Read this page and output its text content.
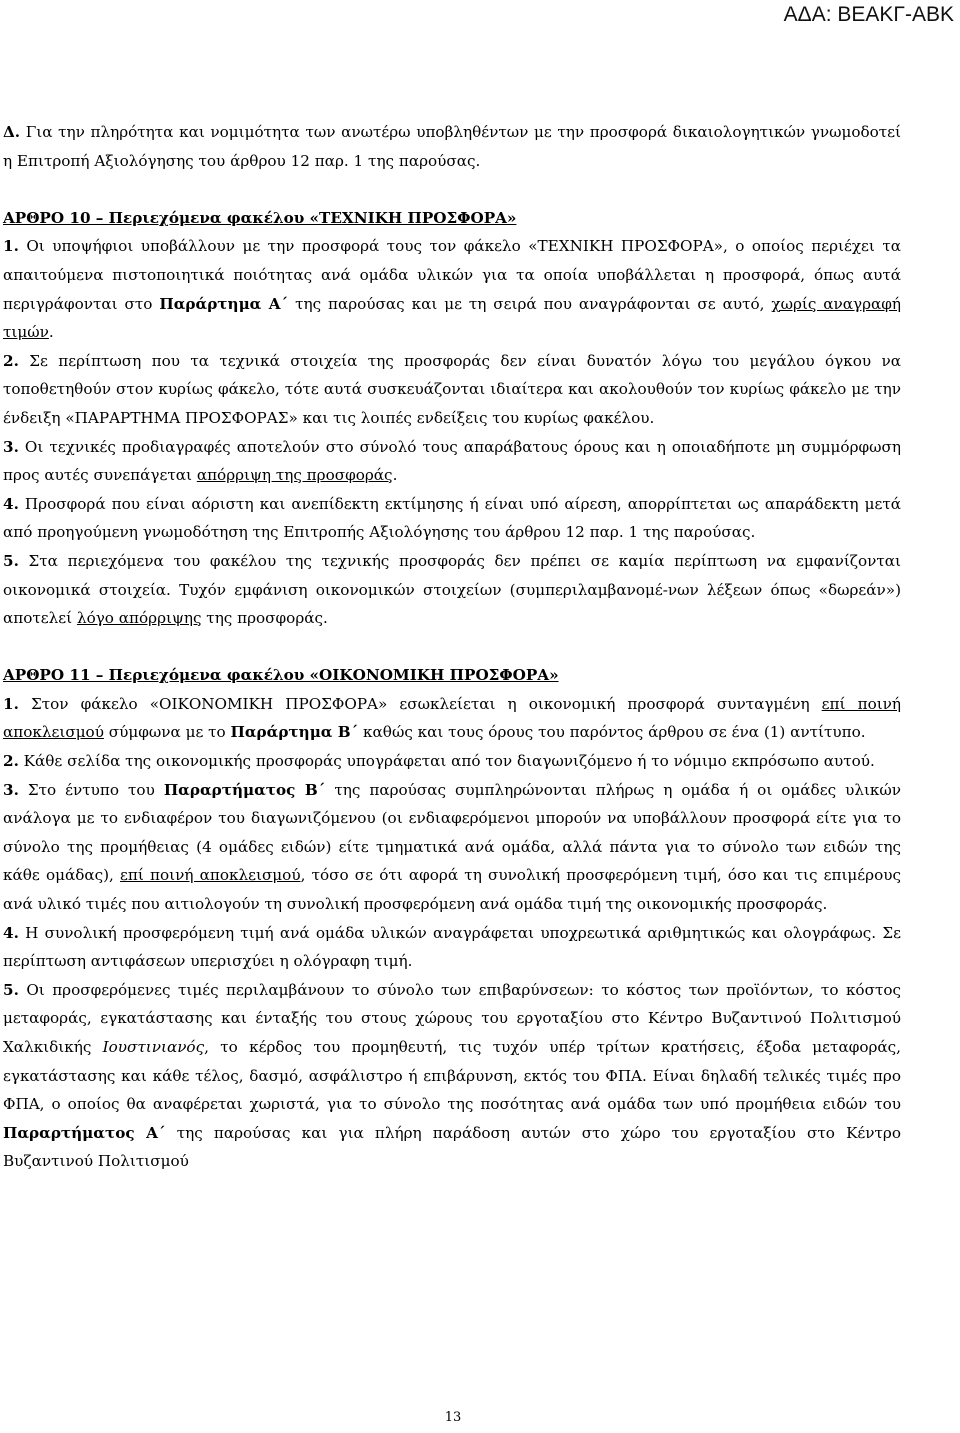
ΑΔΑ: ΒΕΑΚΓ-ΑΒΚ

Δ. Για την πληρότητα και νομιμότητα των ανωτέρω υποβληθέντων με την προσφορά δικαιολογητικών γνωμοδοτεί η Επιτροπή Αξιολόγησης του άρθρου 12 παρ. 1 της παρούσας.

ΑΡΘΡΟ 10 – Περιεχόμενα φακέλου «ΤΕΧΝΙΚΗ ΠΡΟΣΦΟΡΑ»

1. Οι υποψήφιοι υποβάλλουν με την προσφορά τους τον φάκελο «ΤΕΧΝΙΚΗ ΠΡΟΣΦΟΡΑ», ο οποίος περιέχει τα απαιτούμενα πιστοποιητικά ποιότητας ανά ομάδα υλικών για τα οποία υποβάλλεται η προσφορά, όπως αυτά περιγράφονται στο Παράρτημα Α΄ της παρούσας και με τη σειρά που αναγράφονται σε αυτό, χωρίς αναγραφή τιμών.

2. Σε περίπτωση που τα τεχνικά στοιχεία της προσφοράς δεν είναι δυνατόν λόγω του μεγάλου όγκου να τοποθετηθούν στον κυρίως φάκελο, τότε αυτά συσκευάζονται ιδιαίτερα και ακολουθούν τον κυρίως φάκελο με την ένδειξη «ΠΑΡΑΡΤΗΜΑ ΠΡΟΣΦΟΡΑΣ» και τις λοιπές ενδείξεις του κυρίως φακέλου.

3. Οι τεχνικές προδιαγραφές αποτελούν στο σύνολό τους απαράβατους όρους και η οποιαδήποτε μη συμμόρφωση προς αυτές συνεπάγεται απόρριψη της προσφοράς.

4. Προσφορά που είναι αόριστη και ανεπίδεκτη εκτίμησης ή είναι υπό αίρεση, απορρίπτεται ως απαράδεκτη μετά από προηγούμενη γνωμοδότηση της Επιτροπής Αξιολόγησης του άρθρου 12 παρ. 1 της παρούσας.

5. Στα περιεχόμενα του φακέλου της τεχνικής προσφοράς δεν πρέπει σε καμία περίπτωση να εμφανίζονται οικονομικά στοιχεία. Τυχόν εμφάνιση οικονομικών στοιχείων (συμπεριλαμβανομέ-νων λέξεων όπως «δωρεάν») αποτελεί λόγο απόρριψης της προσφοράς.

ΑΡΘΡΟ 11 – Περιεχόμενα φακέλου «ΟΙΚΟΝΟΜΙΚΗ ΠΡΟΣΦΟΡΑ»

1. Στον φάκελο «ΟΙΚΟΝΟΜΙΚΗ ΠΡΟΣΦΟΡΑ» εσωκλείεται η οικονομική προσφορά συνταγμένη επί ποινή αποκλεισμού σύμφωνα με το Παράρτημα Β΄ καθώς και τους όρους του παρόντος άρθρου σε ένα (1) αντίτυπο.

2. Κάθε σελίδα της οικονομικής προσφοράς υπογράφεται από τον διαγωνιζόμενο ή το νόμιμο εκπρόσωπο αυτού.

3. Στο έντυπο του Παραρτήματος Β΄ της παρούσας συμπληρώνονται πλήρως η ομάδα ή οι ομάδες υλικών ανάλογα με το ενδιαφέρον του διαγωνιζόμενου (οι ενδιαφερόμενοι μπορούν να υποβάλλουν προσφορά είτε για το σύνολο της προμήθειας (4 ομάδες ειδών) είτε τμηματικά ανά ομάδα, αλλά πάντα για το σύνολο των ειδών της κάθε ομάδας), επί ποινή αποκλεισμού, τόσο σε ότι αφορά τη συνολική προσφερόμενη τιμή, όσο και τις επιμέρους ανά υλικό τιμές που αιτιολογούν τη συνολική προσφερόμενη ανά ομάδα τιμή της οικονομικής προσφοράς.

4. Η συνολική προσφερόμενη τιμή ανά ομάδα υλικών αναγράφεται υποχρεωτικά αριθμητικώς και ολογράφως. Σε περίπτωση αντιφάσεων υπερισχύει η ολόγραφη τιμή.

5. Οι προσφερόμενες τιμές περιλαμβάνουν το σύνολο των επιβαρύνσεων: το κόστος των προϊόντων, το κόστος μεταφοράς, εγκατάστασης και ένταξής του στους χώρους του εργοταξίου στο Κέντρο Βυζαντινού Πολιτισμού Χαλκιδικής Ιουστινιανός, το κέρδος του προμηθευτή, τις τυχόν υπέρ τρίτων κρατήσεις, έξοδα μεταφοράς, εγκατάστασης και κάθε τέλος, δασμό, ασφάλιστρο ή επιβάρυνση, εκτός του ΦΠΑ. Είναι δηλαδή τελικές τιμές προ ΦΠΑ, ο οποίος θα αναφέρεται χωριστά, για το σύνολο της ποσότητας ανά ομάδα των υπό προμήθεια ειδών του Παραρτήματος Α΄ της παρούσας και για πλήρη παράδοση αυτών στο χώρο του εργοταξίου στο Κέντρο Βυζαντινού Πολιτισμού

13
